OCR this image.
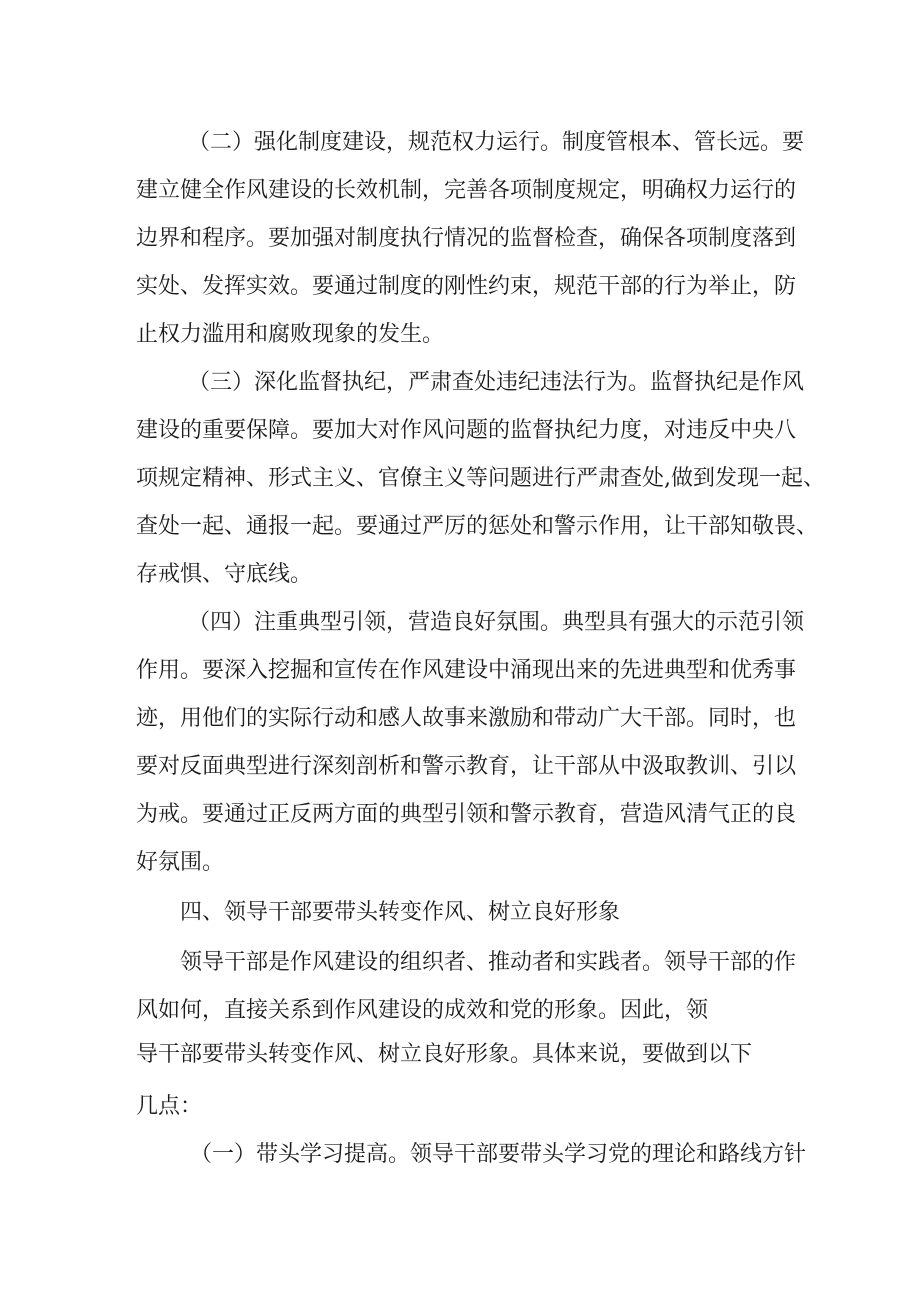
（二）强化制度建设，规范权力运行。制度管根本、管长远。要
建立健全作风建设的长效机制，完善各项制度规定，明确权力运行的
边界和程序。要加强对制度执行情况的监督检查，确保各项制度落到
实处、发挥实效。要通过制度的刚性约束，规范干部的行为举止，防
止权力滥用和腐败现象的发生。
（三）深化监督执纪，严肃查处违纪违法行为。监督执纪是作风
建设的重要保障。要加大对作风问题的监督执纪力度，对违反中央八
项规定精神、形式主义、官僚主义等问题进行严肃查处,做到发现一起、
查处一起、通报一起。要通过严厉的惩处和警示作用，让干部知敬畏、
存戒惧、守底线。
（四）注重典型引领，营造良好氛围。典型具有强大的示范引领
作用。要深入挖掘和宣传在作风建设中涌现出来的先进典型和优秀事
迹，用他们的实际行动和感人故事来激励和带动广大干部。同时，也
要对反面典型进行深刻剖析和警示教育，让干部从中汲取教训、引以
为戒。要通过正反两方面的典型引领和警示教育，营造风清气正的良
好氛围。
四、领导干部要带头转变作风、树立良好形象
领导干部是作风建设的组织者、推动者和实践者。领导干部的作
风如何，直接关系到作风建设的成效和党的形象。因此，领
导干部要带头转变作风、树立良好形象。具体来说，要做到以下
几点：
（一）带头学习提高。领导干部要带头学习党的理论和路线方针
